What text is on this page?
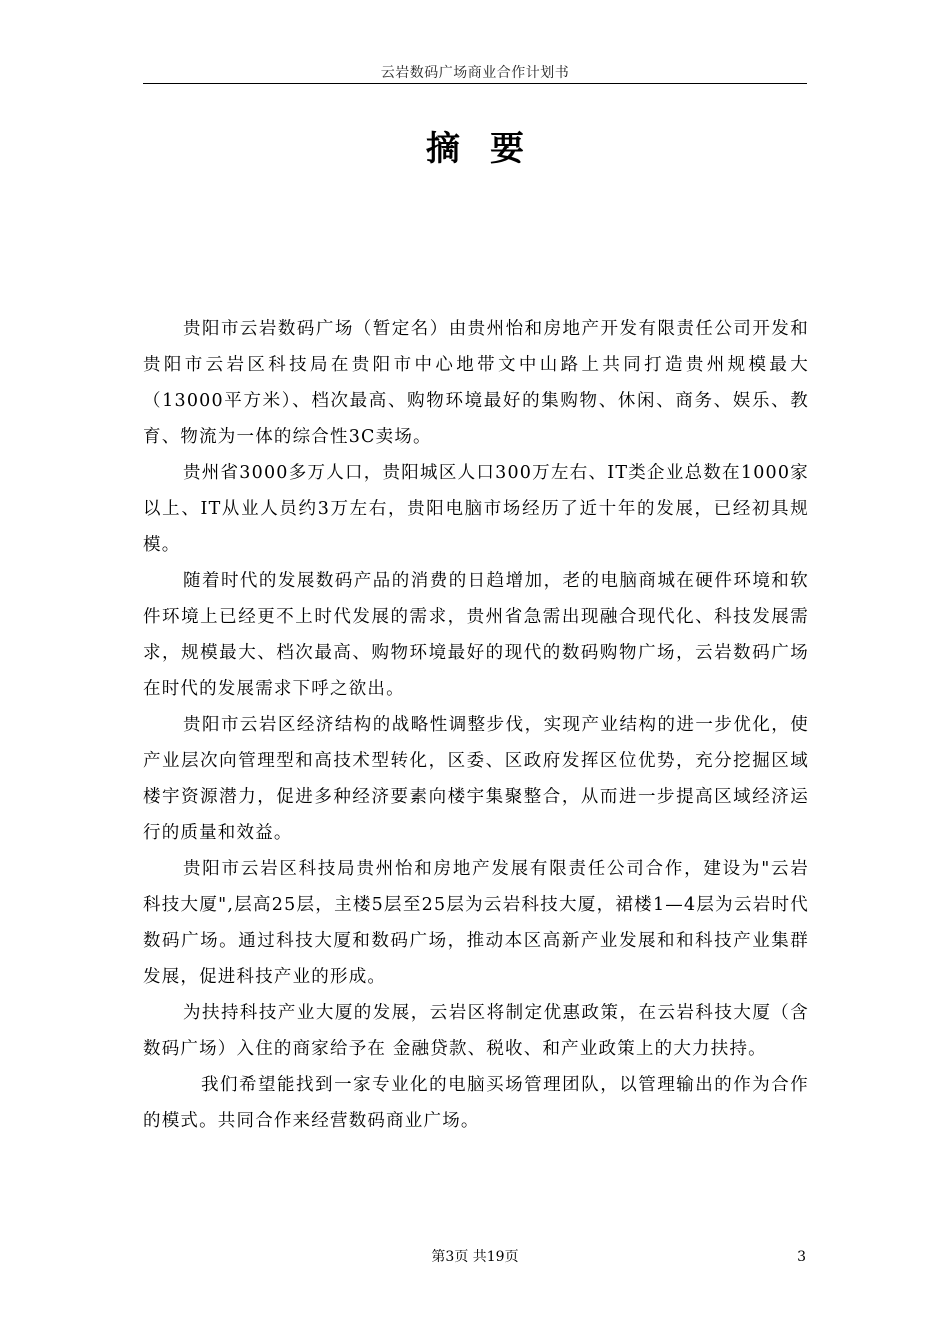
云岩数码广场商业合作计划书
摘要

贵阳市云岩数码广场（暂定名）由贵州怡和房地产开发有限责任公司开发和贵阳市云岩区科技局在贵阳市中心地带文中山路上共同打造贵州规模最大（13000平方米）、档次最高、购物环境最好的集购物、休闲、商务、娱乐、教育、物流为一体的综合性3C卖场。

贵州省3000多万人口，贵阳城区人口300万左右、IT类企业总数在1000家以上、IT从业人员约3万左右，贵阳电脑市场经历了近十年的发展，已经初具规模。

随着时代的发展数码产品的消费的日趋增加，老的电脑商城在硬件环境和软件环境上已经更不上时代发展的需求，贵州省急需出现融合现代化、科技发展需求，规模最大、档次最高、购物环境最好的现代的数码购物广场，云岩数码广场在时代的发展需求下呼之欲出。

贵阳市云岩区经济结构的战略性调整步伐，实现产业结构的进一步优化，使产业层次向管理型和高技术型转化，区委、区政府发挥区位优势，充分挖掘区域楼宇资源潜力，促进多种经济要素向楼宇集聚整合，从而进一步提高区域经济运行的质量和效益。

贵阳市云岩区科技局贵州怡和房地产发展有限责任公司合作，建设为"云岩科技大厦",层高25层，主楼5层至25层为云岩科技大厦，裙楼1—4层为云岩时代数码广场。通过科技大厦和数码广场，推动本区高新产业发展和和科技产业集群发展，促进科技产业的形成。

为扶持科技产业大厦的发展，云岩区将制定优惠政策，在云岩科技大厦（含数码广场）入住的商家给予在 金融贷款、税收、和产业政策上的大力扶持。

我们希望能找到一家专业化的电脑买场管理团队，以管理输出的作为合作的模式。共同合作来经营数码商业广场。

第3页 共19页	3
